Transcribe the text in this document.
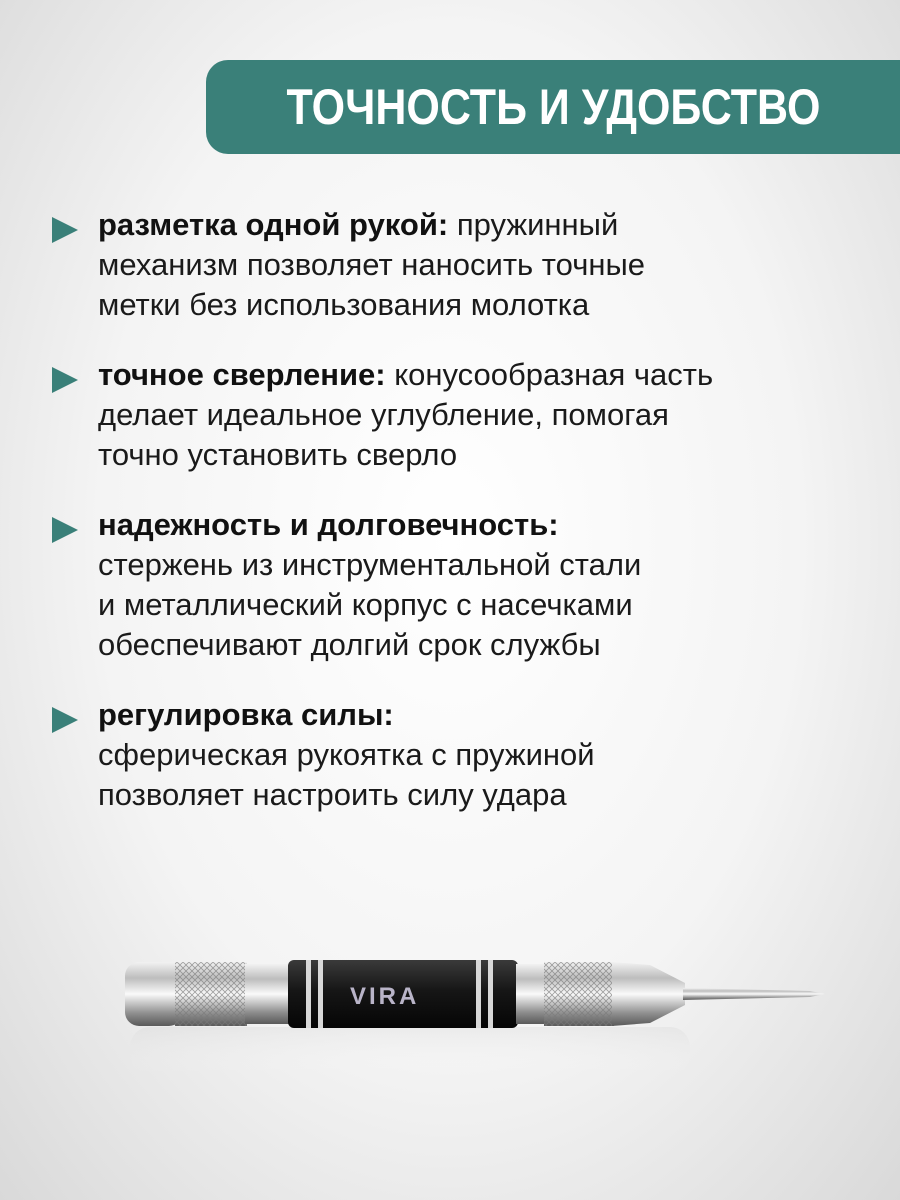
ТОЧНОСТЬ И УДОБСТВО
разметка одной рукой: пружинный
механизм позволяет наносить точные
метки без использования молотка
точное сверление: конусообразная часть
делает идеальное углубление, помогая
точно установить сверло
надежность и долговечность:
стержень из инструментальной стали
и металлический корпус с насечками
обеспечивают долгий срок службы
регулировка силы:
сферическая рукоятка с пружиной
позволяет настроить силу удара
VIRA
